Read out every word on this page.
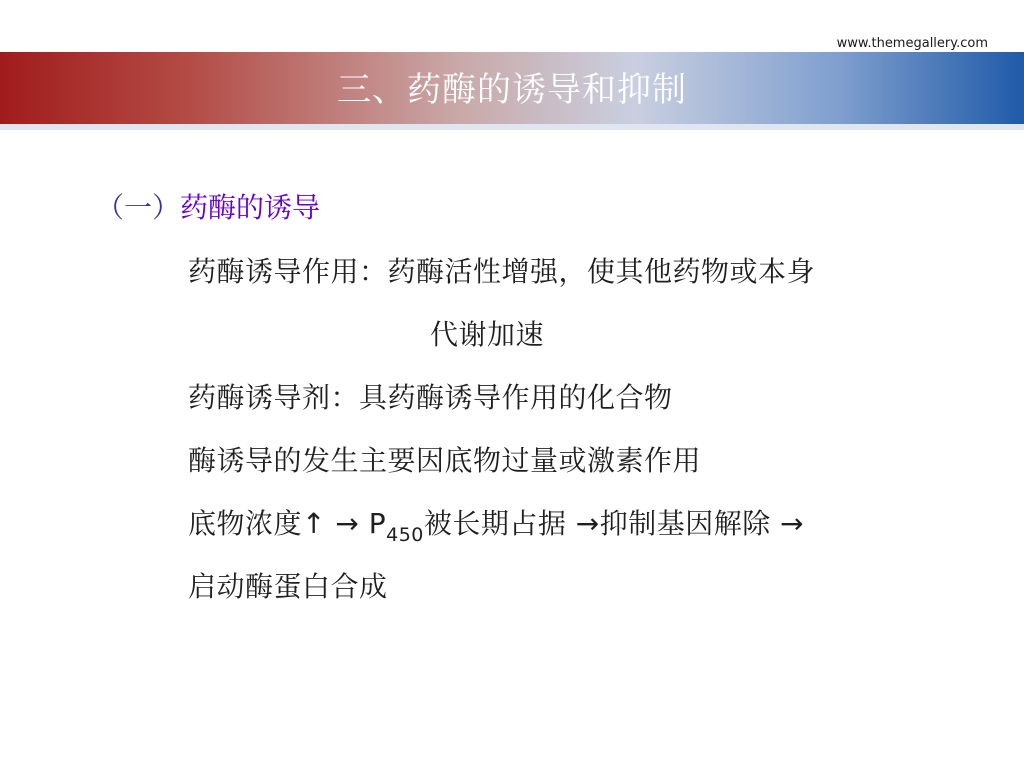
www.themegallery.com
三、药酶的诱导和抑制
（一）药酶的诱导
药酶诱导作用：药酶活性增强，使其他药物或本身
代谢加速
药酶诱导剂：具药酶诱导作用的化合物
酶诱导的发生主要因底物过量或激素作用
底物浓度↑ → $P_{450}$被长期占据 →抑制基因解除 →
启动酶蛋白合成
